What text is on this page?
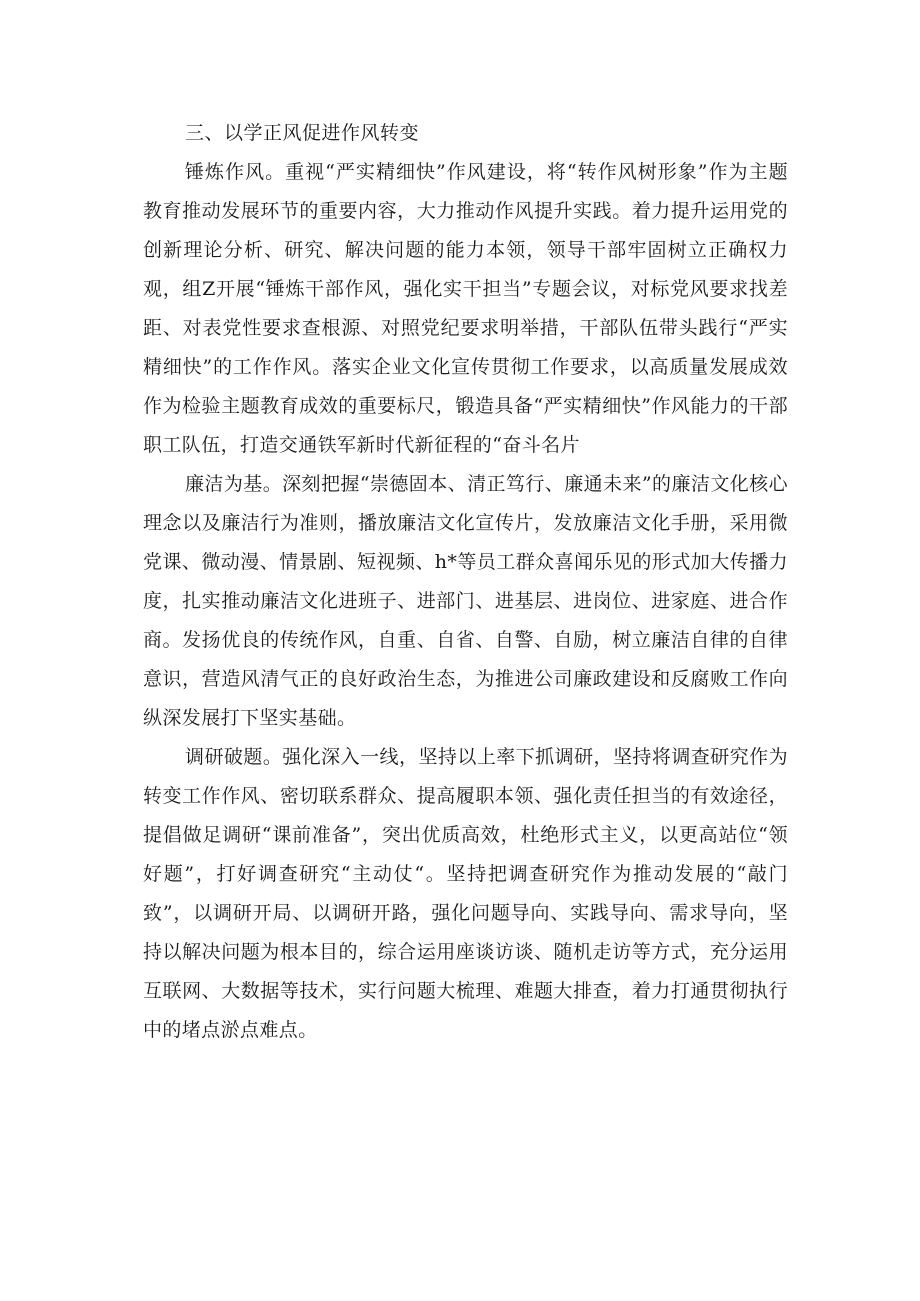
三、以学正风促进作风转变

锤炼作风。重视“严实精细快”作风建设，将“转作风树形象”作为主题教育推动发展环节的重要内容，大力推动作风提升实践。着力提升运用党的创新理论分析、研究、解决问题的能力本领，领导干部牢固树立正确权力观，组Z开展“锤炼干部作风，强化实干担当”专题会议，对标党风要求找差距、对表党性要求查根源、对照党纪要求明举措，干部队伍带头践行“严实精细快”的工作作风。落实企业文化宣传贯彻工作要求，以高质量发展成效作为检验主题教育成效的重要标尺，锻造具备“严实精细快”作风能力的干部职工队伍，打造交通铁军新时代新征程的“奋斗名片

廉洁为基。深刻把握“崇德固本、清正笃行、廉通未来”的廉洁文化核心理念以及廉洁行为准则，播放廉洁文化宣传片，发放廉洁文化手册，采用微党课、微动漫、情景剧、短视频、h*等员工群众喜闻乐见的形式加大传播力度，扎实推动廉洁文化进班子、进部门、进基层、进岗位、进家庭、进合作商。发扬优良的传统作风，自重、自省、自警、自励，树立廉洁自律的自律意识，营造风清气正的良好政治生态，为推进公司廉政建设和反腐败工作向纵深发展打下坚实基础。

调研破题。强化深入一线，坚持以上率下抓调研，坚持将调查研究作为转变工作作风、密切联系群众、提高履职本领、强化责任担当的有效途径，提倡做足调研“课前准备”，突出优质高效，杜绝形式主义，以更高站位“领好题”，打好调查研究“主动仗“。坚持把调查研究作为推动发展的“敲门致”，以调研开局、以调研开路，强化问题导向、实践导向、需求导向，坚持以解决问题为根本目的，综合运用座谈访谈、随机走访等方式，充分运用互联网、大数据等技术，实行问题大梳理、难题大排查，着力打通贯彻执行中的堵点淤点难点。
